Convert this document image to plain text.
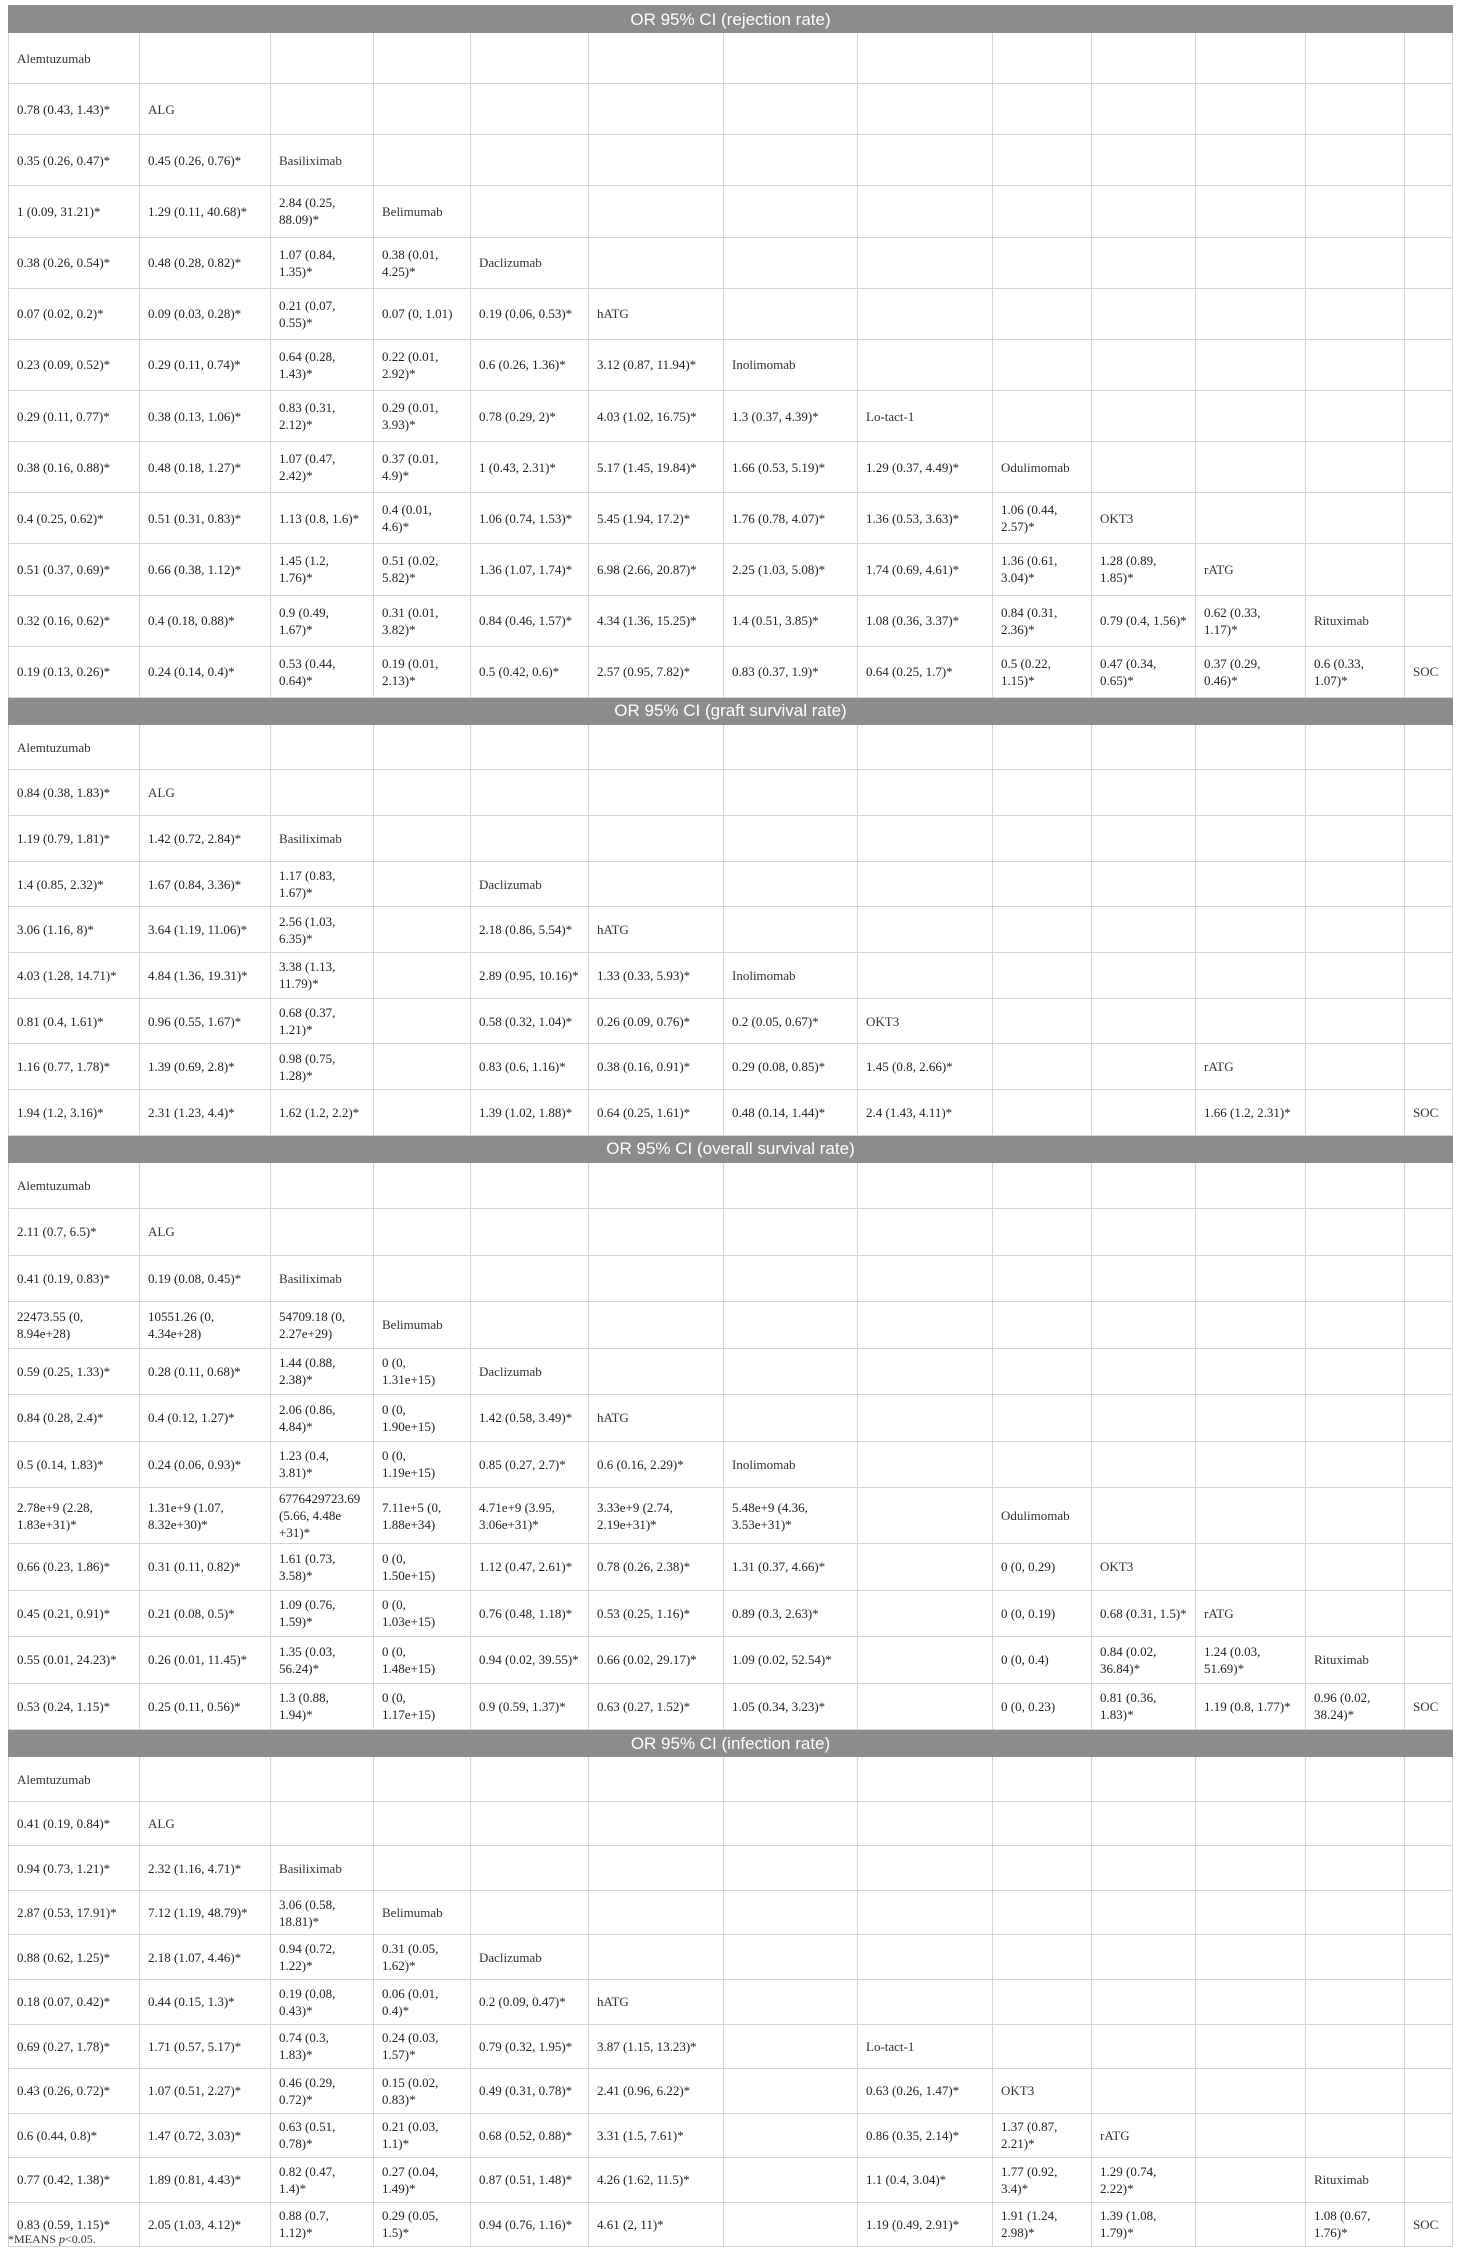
OR 95% CI (rejection rate)												
Alemtuzumab												
0.78 (0.43, 1.43)*	ALG											
0.35 (0.26, 0.47)*	0.45 (0.26, 0.76)*	Basiliximab										
1 (0.09, 31.21)*	1.29 (0.11, 40.68)*	2.84 (0.25, 88.09)*	Belimumab									
0.38 (0.26, 0.54)*	0.48 (0.28, 0.82)*	1.07 (0.84, 1.35)*	0.38 (0.01, 4.25)*	Daclizumab								
0.07 (0.02, 0.2)*	0.09 (0.03, 0.28)*	0.21 (0.07, 0.55)*	0.07 (0, 1.01)	0.19 (0.06, 0.53)*	hATG							
0.23 (0.09, 0.52)*	0.29 (0.11, 0.74)*	0.64 (0.28, 1.43)*	0.22 (0.01, 2.92)*	0.6 (0.26, 1.36)*	3.12 (0.87, 11.94)*	Inolimomab						
0.29 (0.11, 0.77)*	0.38 (0.13, 1.06)*	0.83 (0.31, 2.12)*	0.29 (0.01, 3.93)*	0.78 (0.29, 2)*	4.03 (1.02, 16.75)*	1.3 (0.37, 4.39)*	Lo-tact-1					
0.38 (0.16, 0.88)*	0.48 (0.18, 1.27)*	1.07 (0.47, 2.42)*	0.37 (0.01, 4.9)*	1 (0.43, 2.31)*	5.17 (1.45, 19.84)*	1.66 (0.53, 5.19)*	1.29 (0.37, 4.49)*	Odulimomab				
0.4 (0.25, 0.62)*	0.51 (0.31, 0.83)*	1.13 (0.8, 1.6)*	0.4 (0.01, 4.6)*	1.06 (0.74, 1.53)*	5.45 (1.94, 17.2)*	1.76 (0.78, 4.07)*	1.36 (0.53, 3.63)*	1.06 (0.44, 2.57)*	OKT3			
0.51 (0.37, 0.69)*	0.66 (0.38, 1.12)*	1.45 (1.2, 1.76)*	0.51 (0.02, 5.82)*	1.36 (1.07, 1.74)*	6.98 (2.66, 20.87)*	2.25 (1.03, 5.08)*	1.74 (0.69, 4.61)*	1.36 (0.61, 3.04)*	1.28 (0.89, 1.85)*	rATG		
0.32 (0.16, 0.62)*	0.4 (0.18, 0.88)*	0.9 (0.49, 1.67)*	0.31 (0.01, 3.82)*	0.84 (0.46, 1.57)*	4.34 (1.36, 15.25)*	1.4 (0.51, 3.85)*	1.08 (0.36, 3.37)*	0.84 (0.31, 2.36)*	0.79 (0.4, 1.56)*	0.62 (0.33, 1.17)*	Rituximab	
0.19 (0.13, 0.26)*	0.24 (0.14, 0.4)*	0.53 (0.44, 0.64)*	0.19 (0.01, 2.13)*	0.5 (0.42, 0.6)*	2.57 (0.95, 7.82)*	0.83 (0.37, 1.9)*	0.64 (0.25, 1.7)*	0.5 (0.22, 1.15)*	0.47 (0.34, 0.65)*	0.37 (0.29, 0.46)*	0.6 (0.33, 1.07)*	SOC
OR 95% CI (graft survival rate)												
Alemtuzumab												
0.84 (0.38, 1.83)*	ALG											
1.19 (0.79, 1.81)*	1.42 (0.72, 2.84)*	Basiliximab										
1.4 (0.85, 2.32)*	1.67 (0.84, 3.36)*	1.17 (0.83, 1.67)*		Daclizumab								
3.06 (1.16, 8)*	3.64 (1.19, 11.06)*	2.56 (1.03, 6.35)*		2.18 (0.86, 5.54)*	hATG							
4.03 (1.28, 14.71)*	4.84 (1.36, 19.31)*	3.38 (1.13, 11.79)*		2.89 (0.95, 10.16)*	1.33 (0.33, 5.93)*	Inolimomab						
0.81 (0.4, 1.61)*	0.96 (0.55, 1.67)*	0.68 (0.37, 1.21)*		0.58 (0.32, 1.04)*	0.26 (0.09, 0.76)*	0.2 (0.05, 0.67)*	OKT3					
1.16 (0.77, 1.78)*	1.39 (0.69, 2.8)*	0.98 (0.75, 1.28)*		0.83 (0.6, 1.16)*	0.38 (0.16, 0.91)*	0.29 (0.08, 0.85)*	1.45 (0.8, 2.66)*			rATG		
1.94 (1.2, 3.16)*	2.31 (1.23, 4.4)*	1.62 (1.2, 2.2)*		1.39 (1.02, 1.88)*	0.64 (0.25, 1.61)*	0.48 (0.14, 1.44)*	2.4 (1.43, 4.11)*			1.66 (1.2, 2.31)*		SOC
OR 95% CI (overall survival rate)												
Alemtuzumab												
2.11 (0.7, 6.5)*	ALG											
0.41 (0.19, 0.83)*	0.19 (0.08, 0.45)*	Basiliximab										
22473.55 (0, 8.94e+28)	10551.26 (0, 4.34e+28)	54709.18 (0, 2.27e+29)	Belimumab									
0.59 (0.25, 1.33)*	0.28 (0.11, 0.68)*	1.44 (0.88, 2.38)*	0 (0, 1.31e+15)	Daclizumab								
0.84 (0.28, 2.4)*	0.4 (0.12, 1.27)*	2.06 (0.86, 4.84)*	0 (0, 1.90e+15)	1.42 (0.58, 3.49)*	hATG							
0.5 (0.14, 1.83)*	0.24 (0.06, 0.93)*	1.23 (0.4, 3.81)*	0 (0, 1.19e+15)	0.85 (0.27, 2.7)*	0.6 (0.16, 2.29)*	Inolimomab						
2.78e+9 (2.28, 1.83e+31)*	1.31e+9 (1.07, 8.32e+30)*	6776429723.69 (5.66, 4.48e +31)*	7.11e+5 (0, 1.88e+34)	4.71e+9 (3.95, 3.06e+31)*	3.33e+9 (2.74, 2.19e+31)*	5.48e+9 (4.36, 3.53e+31)*		Odulimomab				
0.66 (0.23, 1.86)*	0.31 (0.11, 0.82)*	1.61 (0.73, 3.58)*	0 (0, 1.50e+15)	1.12 (0.47, 2.61)*	0.78 (0.26, 2.38)*	1.31 (0.37, 4.66)*		0 (0, 0.29)	OKT3			
0.45 (0.21, 0.91)*	0.21 (0.08, 0.5)*	1.09 (0.76, 1.59)*	0 (0, 1.03e+15)	0.76 (0.48, 1.18)*	0.53 (0.25, 1.16)*	0.89 (0.3, 2.63)*		0 (0, 0.19)	0.68 (0.31, 1.5)*	rATG		
0.55 (0.01, 24.23)*	0.26 (0.01, 11.45)*	1.35 (0.03, 56.24)*	0 (0, 1.48e+15)	0.94 (0.02, 39.55)*	0.66 (0.02, 29.17)*	1.09 (0.02, 52.54)*		0 (0, 0.4)	0.84 (0.02, 36.84)*	1.24 (0.03, 51.69)*	Rituximab	
0.53 (0.24, 1.15)*	0.25 (0.11, 0.56)*	1.3 (0.88, 1.94)*	0 (0, 1.17e+15)	0.9 (0.59, 1.37)*	0.63 (0.27, 1.52)*	1.05 (0.34, 3.23)*		0 (0, 0.23)	0.81 (0.36, 1.83)*	1.19 (0.8, 1.77)*	0.96 (0.02, 38.24)*	SOC
OR 95% CI (infection rate)												
Alemtuzumab												
0.41 (0.19, 0.84)*	ALG											
0.94 (0.73, 1.21)*	2.32 (1.16, 4.71)*	Basiliximab										
2.87 (0.53, 17.91)*	7.12 (1.19, 48.79)*	3.06 (0.58, 18.81)*	Belimumab									
0.88 (0.62, 1.25)*	2.18 (1.07, 4.46)*	0.94 (0.72, 1.22)*	0.31 (0.05, 1.62)*	Daclizumab								
0.18 (0.07, 0.42)*	0.44 (0.15, 1.3)*	0.19 (0.08, 0.43)*	0.06 (0.01, 0.4)*	0.2 (0.09, 0.47)*	hATG							
0.69 (0.27, 1.78)*	1.71 (0.57, 5.17)*	0.74 (0.3, 1.83)*	0.24 (0.03, 1.57)*	0.79 (0.32, 1.95)*	3.87 (1.15, 13.23)*		Lo-tact-1					
0.43 (0.26, 0.72)*	1.07 (0.51, 2.27)*	0.46 (0.29, 0.72)*	0.15 (0.02, 0.83)*	0.49 (0.31, 0.78)*	2.41 (0.96, 6.22)*		0.63 (0.26, 1.47)*	OKT3				
0.6 (0.44, 0.8)*	1.47 (0.72, 3.03)*	0.63 (0.51, 0.78)*	0.21 (0.03, 1.1)*	0.68 (0.52, 0.88)*	3.31 (1.5, 7.61)*		0.86 (0.35, 2.14)*	1.37 (0.87, 2.21)*	rATG			
0.77 (0.42, 1.38)*	1.89 (0.81, 4.43)*	0.82 (0.47, 1.4)*	0.27 (0.04, 1.49)*	0.87 (0.51, 1.48)*	4.26 (1.62, 11.5)*		1.1 (0.4, 3.04)*	1.77 (0.92, 3.4)*	1.29 (0.74, 2.22)*		Rituximab	
0.83 (0.59, 1.15)*	2.05 (1.03, 4.12)*	0.88 (0.7, 1.12)*	0.29 (0.05, 1.5)*	0.94 (0.76, 1.16)*	4.61 (2, 11)*		1.19 (0.49, 2.91)*	1.91 (1.24, 2.98)*	1.39 (1.08, 1.79)*		1.08 (0.67, 1.76)*	SOC
*MEANS p<0.05.
